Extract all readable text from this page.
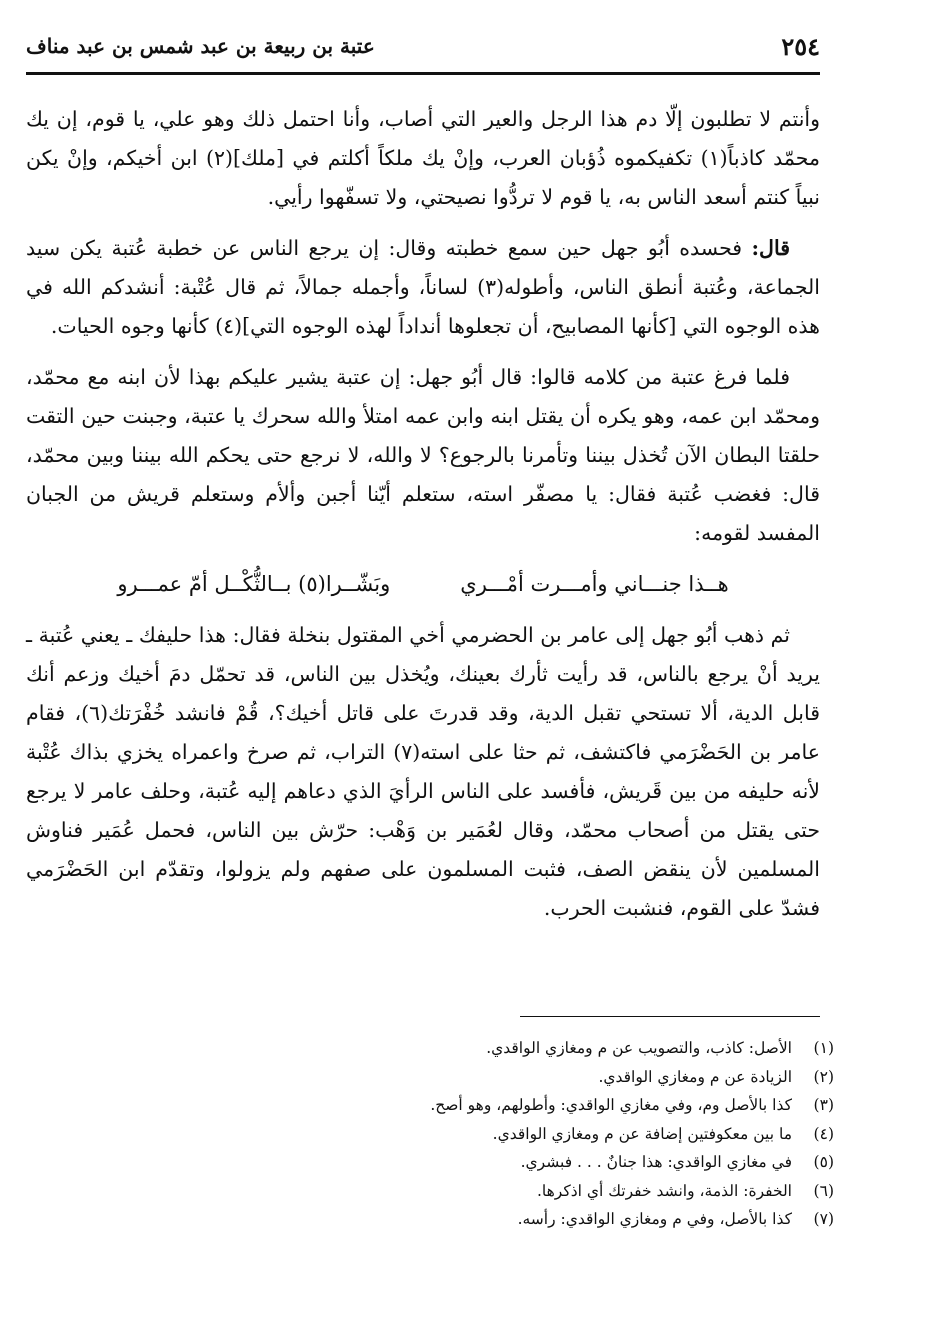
٢٥٤
عتبة بن ربيعة بن عبد شمس بن عبد مناف

وأنتم لا تطلبون إلّا دم هذا الرجل والعير التي أصاب، وأنا احتمل ذلك وهو علي، يا قوم، إن يك محمّد كاذباً(١) تكفيكموه ذُؤبان العرب، وإنْ يك ملكاً أكلتم في [ملك](٢) ابن أخيكم، وإنْ يكن نبياً كنتم أسعد الناس به، يا قوم لا تردُّوا نصيحتي، ولا تسفّهوا رأيي.

قال: فحسده أبُو جهل حين سمع خطبته وقال: إن يرجع الناس عن خطبة عُتبة يكن سيد الجماعة، وعُتبة أنطق الناس، وأطوله(٣) لساناً، وأجمله جمالاً، ثم قال عُتْبة: أنشدكم الله في هذه الوجوه التي [كأنها المصابيح، أن تجعلوها أنداداً لهذه الوجوه التي](٤) كأنها وجوه الحيات.

فلما فرغ عتبة من كلامه قالوا: قال أبُو جهل: إن عتبة يشير عليكم بهذا لأن ابنه مع محمّد، ومحمّد ابن عمه، وهو يكره أن يقتل ابنه وابن عمه امتلأ والله سحرك يا عتبة، وجبنت حين التقت حلقتا البطان الآن تُخذل بيننا وتأمرنا بالرجوع؟ لا والله، لا نرجع حتى يحكم الله بيننا وبين محمّد، قال: فغضب عُتبة فقال: يا مصفّر استه، ستعلم أيّنا أجبن وألأم وستعلم قريش من الجبان المفسد لقومه:

هــذا جنـــاني وأمـــرت أمْـــري
وبَشّــرا(٥) بــالثُّكْــل أمّ عمـــرو

ثم ذهب أبُو جهل إلى عامر بن الحضرمي أخي المقتول بنخلة فقال: هذا حليفك ـ يعني عُتبة ـ يريد أنْ يرجع بالناس، قد رأيت ثأرك بعينك، ويُخذل بين الناس، قد تحمّل دمَ أخيك وزعم أنك قابل الدية، ألا تستحي تقبل الدية، وقد قدرتَ على قاتل أخيك؟، قُمْ فانشد خُفْرَتك(٦)، فقام عامر بن الحَضْرَمي فاكتشف، ثم حثا على استه(٧) التراب، ثم صرخ واعمراه يخزي بذاك عُتْبة لأنه حليفه من بين قَريش، فأفسد على الناس الرأيَ الذي دعاهم إليه عُتبة، وحلف عامر لا يرجع حتى يقتل من أصحاب محمّد، وقال لعُمَير بن وَهْب: حرّش بين الناس، فحمل عُمَير فناوش المسلمين لأن ينقض الصف، فثبت المسلمون على صفهم ولم يزولوا، وتقدّم ابن الحَضْرَمي فشدّ على القوم، فنشبت الحرب.

(١)
الأصل: كاذب، والتصويب عن م ومغازي الواقدي.
(٢)
الزيادة عن م ومغازي الواقدي.
(٣)
كذا بالأصل وم، وفي مغازي الواقدي: وأطولهم، وهو أصح.
(٤)
ما بين معكوفتين إضافة عن م ومغازي الواقدي.
(٥)
في مغازي الواقدي: هذا جنانٌ . . . فبشري.
(٦)
الخفرة: الذمة، وانشد خفرتك أي اذكرها.
(٧)
كذا بالأصل، وفي م ومغازي الواقدي: رأسه.
